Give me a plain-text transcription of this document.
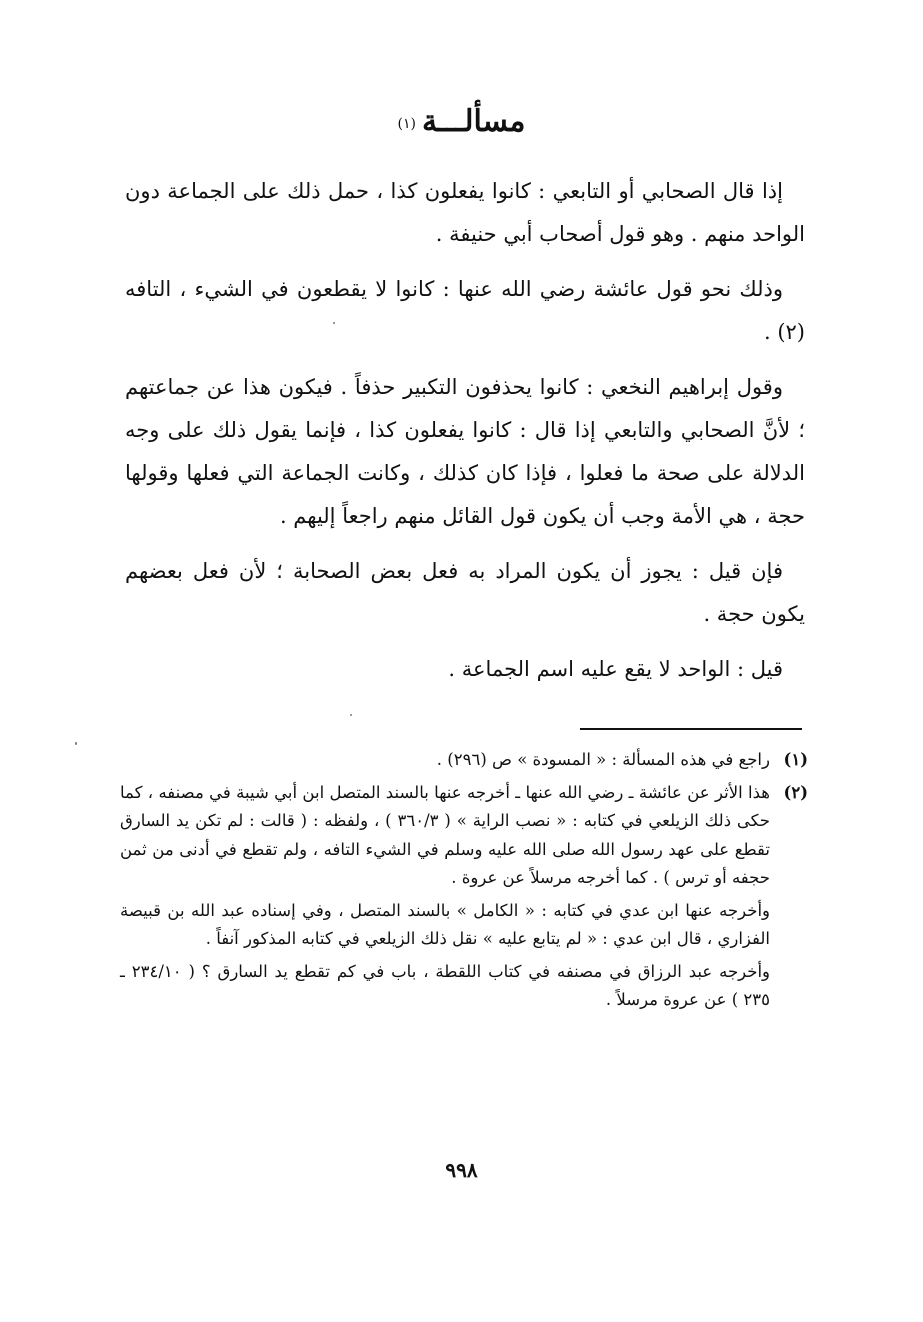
مسألـــة$^{(١)}$

إذا قال الصحابي أو التابعي : كانوا يفعلون كذا ، حمل ذلك على الجماعة دون الواحد منهم . وهو قول أصحاب أبي حنيفة .

وذلك نحو قول عائشة رضي الله عنها : كانوا لا يقطعون في الشيء ، التافه (٢) .

وقول إبراهيم النخعي : كانوا يحذفون التكبير حذفاً . فيكون هذا عن جماعتهم ؛ لأنَّ الصحابي والتابعي إذا قال : كانوا يفعلون كذا ، فإنما يقول ذلك على وجه الدلالة على صحة ما فعلوا ، فإذا كان كذلك ، وكانت الجماعة التي فعلها وقولها حجة ، هي الأمة وجب أن يكون قول القائل منهم راجعاً إليهم .

فإن قيل : يجوز أن يكون المراد به فعل بعض الصحابة ؛ لأن فعل بعضهم يكون حجة .

قيل : الواحد لا يقع عليه اسم الجماعة .

(١)

راجع في هذه المسألة : « المسودة » ص (٢٩٦) .

(٢)

هذا الأثر عن عائشة ـ رضي الله عنها ـ أخرجه عنها بالسند المتصل ابن أبي شيبة في مصنفه ، كما حكى ذلك الزيلعي في كتابه : « نصب الراية » ( ٣٦٠/٣ ) ، ولفظه : ( قالت : لم تكن يد السارق تقطع على عهد رسول الله صلى الله عليه وسلم في الشيء التافه ، ولم تقطع في أدنى من ثمن حجفه أو ترس ) . كما أخرجه مرسلاً عن عروة .

وأخرجه عنها ابن عدي في كتابه : « الكامل » بالسند المتصل ، وفي إسناده عبد الله بن قبيصة الفزاري ، قال ابن عدي : « لم يتابع عليه » نقل ذلك الزيلعي في كتابه المذكور آنفاً .

وأخرجه عبد الرزاق في مصنفه في كتاب اللقطة ، باب في كم تقطع يد السارق ؟ ( ٢٣٤/١٠ ـ ٢٣٥ ) عن عروة مرسلاً .

٩٩٨
